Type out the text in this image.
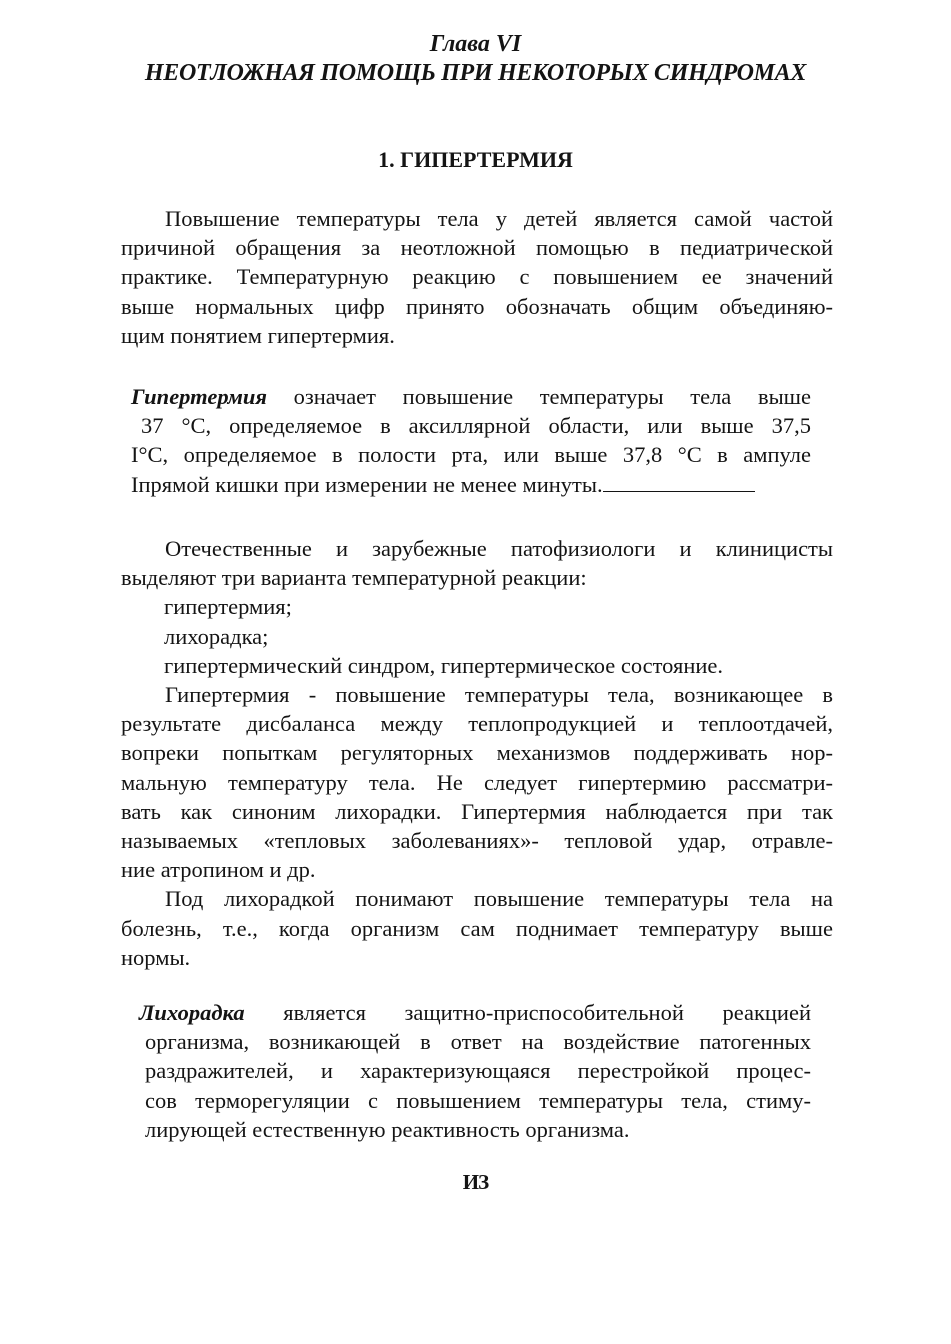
Глава VI
НЕОТЛОЖНАЯ ПОМОЩЬ ПРИ НЕКОТОРЫХ СИНДРОМАХ
1. ГИПЕРТЕРМИЯ

Повышение температуры тела у детей является самой частой

причиной обращения за неотложной помощью в педиатрической

практике. Температурную реакцию с повышением ее значений

выше нормальных цифр принято обозначать общим объединяю-

щим понятием гипертермия.

Гипертермия означает повышение температуры тела выше

37 °С, определяемое в аксиллярной области, или выше 37,5

I°С, определяемое в полости рта, или выше 37,8 °С в ампуле

Iпрямой кишки при измерении не менее минуты.

Отечественные и зарубежные патофизиологи и клиницисты

выделяют три варианта температурной реакции:

гипертермия;

лихорадка;

гипертермический синдром, гипертермическое состояние.

Гипертермия - повышение температуры тела, возникающее в

результате дисбаланса между теплопродукцией и теплоотдачей,

вопреки попыткам регуляторных механизмов поддерживать нор-

мальную температуру тела. Не следует гипертермию рассматри-

вать как синоним лихорадки. Гипертермия наблюдается при так

называемых «тепловых заболеваниях»- тепловой удар, отравле-

ние атропином и др.

Под лихорадкой понимают повышение температуры тела на

болезнь, т.е., когда организм сам поднимает температуру выше

нормы.

Лихорадка является защитно-приспособительной реакцией

организма, возникающей в ответ на воздействие патогенных

раздражителей, и характеризующаяся перестройкой процес-

сов терморегуляции с повышением температуры тела, стиму-

лирующей естественную реактивность организма.

ИЗ
